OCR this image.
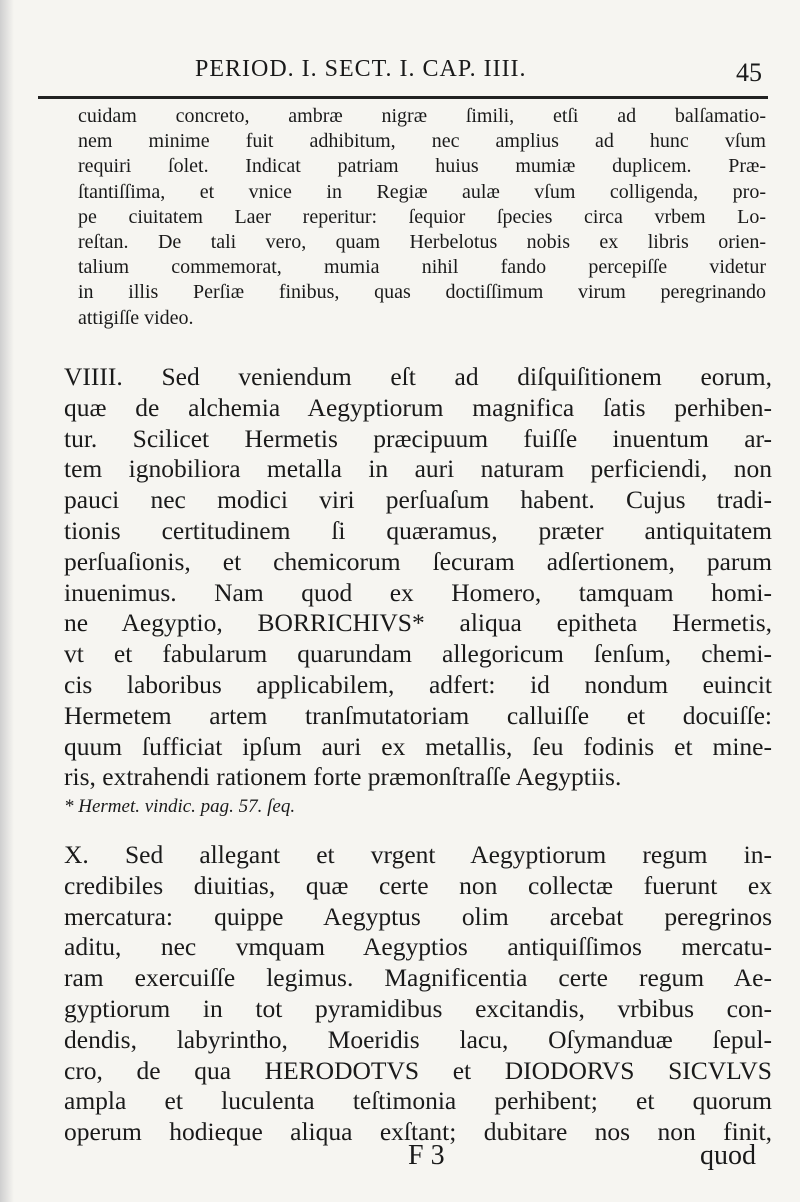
PERIOD. I. SECT. I. CAP. IIII.	45
cuidam concreto, ambræ nigræ ſimili, etſi ad balſamatio-
nem minime fuit adhibitum, nec amplius ad hunc vſum
requiri ſolet. Indicat patriam huius mumiæ duplicem. Præ-
ſtantiſſima, et vnice in Regiæ aulæ vſum colligenda, pro-
pe ciuitatem Laer reperitur: ſequior ſpecies circa vrbem Lo-
reſtan. De tali vero, quam Herbelotus nobis ex libris orien-
talium commemorat, mumia nihil fando percepiſſe videtur
in illis Perſiæ finibus, quas doctiſſimum virum peregrinando
attigiſſe video.
VIIII. Sed veniendum eſt ad diſquiſitionem eorum,
quæ de alchemia Aegyptiorum magnifica ſatis perhiben-
tur. Scilicet Hermetis præcipuum fuiſſe inuentum ar-
tem ignobiliora metalla in auri naturam perficiendi, non
pauci nec modici viri perſuaſum habent. Cujus tradi-
tionis certitudinem ſi quæramus, præter antiquitatem
perſuaſionis, et chemicorum ſecuram adſertionem, parum
inuenimus. Nam quod ex Homero, tamquam homi-
ne Aegyptio, BORRICHIVS* aliqua epitheta Hermetis,
vt et fabularum quarundam allegoricum ſenſum, chemi-
cis laboribus applicabilem, adfert: id nondum euincit
Hermetem artem tranſmutatoriam calluiſſe et docuiſſe:
quum ſufficiat ipſum auri ex metallis, ſeu fodinis et mine-
ris, extrahendi rationem forte præmonſtraſſe Aegyptiis.
* Hermet. vindic. pag. 57. ſeq.
X. Sed allegant et vrgent Aegyptiorum regum in-
credibiles diuitias, quæ certe non collectæ fuerunt ex
mercatura: quippe Aegyptus olim arcebat peregrinos
aditu, nec vmquam Aegyptios antiquiſſimos mercatu-
ram exercuiſſe legimus. Magnificentia certe regum Ae-
gyptiorum in tot pyramidibus excitandis, vrbibus con-
dendis, labyrintho, Moeridis lacu, Oſymanduæ ſepul-
cro, de qua HERODOTVS et DIODORVS SICVLVS
ampla et luculenta teſtimonia perhibent; et quorum
operum hodieque aliqua exſtant; dubitare nos non finit,
F 3	quod
